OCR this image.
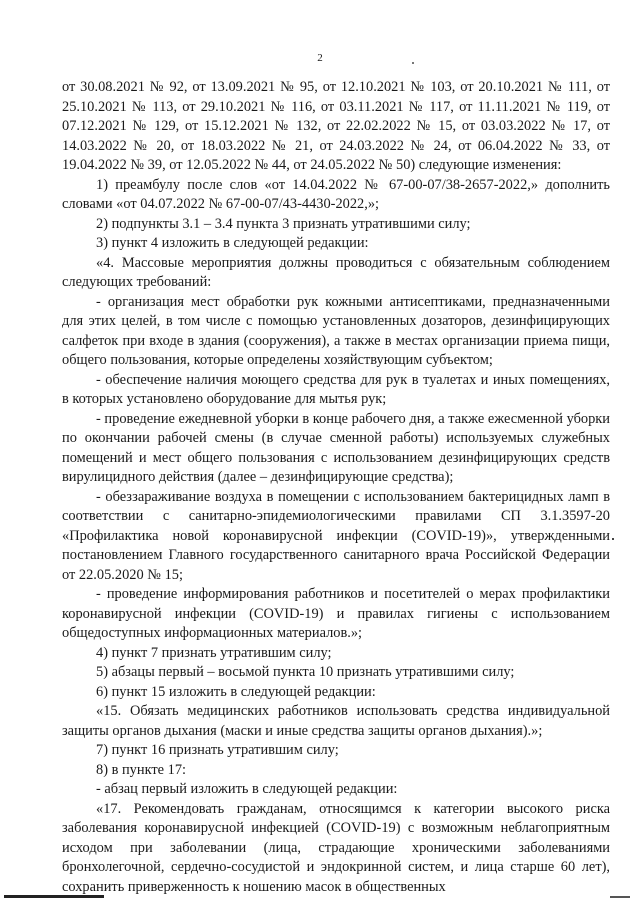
2

от 30.08.2021 № 92, от 13.09.2021 № 95, от 12.10.2021 № 103, от 20.10.2021 № 111, от 25.10.2021 № 113, от 29.10.2021 № 116, от 03.11.2021 № 117, от 11.11.2021 № 119, от 07.12.2021 № 129, от 15.12.2021 № 132, от 22.02.2022 № 15, от 03.03.2022 № 17, от 14.03.2022 № 20, от 18.03.2022 № 21, от 24.03.2022 № 24, от 06.04.2022 № 33, от 19.04.2022 № 39, от 12.05.2022 № 44, от 24.05.2022 № 50) следующие изменения:

1) преамбулу после слов «от 14.04.2022 № 67-00-07/38-2657-2022,» дополнить словами «от 04.07.2022 № 67-00-07/43-4430-2022,»;

2) подпункты 3.1 – 3.4 пункта 3 признать утратившими силу;

3) пункт 4 изложить в следующей редакции:

«4. Массовые мероприятия должны проводиться с обязательным соблюдением следующих требований:

- организация мест обработки рук кожными антисептиками, предназначенными для этих целей, в том числе с помощью установленных дозаторов, дезинфицирующих салфеток при входе в здания (сооружения), а также в местах организации приема пищи, общего пользования, которые определены хозяйствующим субъектом;

- обеспечение наличия моющего средства для рук в туалетах и иных помещениях, в которых установлено оборудование для мытья рук;

- проведение ежедневной уборки в конце рабочего дня, а также ежесменной уборки по окончании рабочей смены (в случае сменной работы) используемых служебных помещений и мест общего пользования с использованием дезинфицирующих средств вирулицидного действия (далее – дезинфицирующие средства);

- обеззараживание воздуха в помещении с использованием бактерицидных ламп в соответствии с санитарно-эпидемиологическими правилами СП 3.1.3597-20 «Профилактика новой коронавирусной инфекции (COVID-19)», утвержденными постановлением Главного государственного санитарного врача Российской Федерации от 22.05.2020 № 15;

- проведение информирования работников и посетителей о мерах профилактики коронавирусной инфекции (COVID-19) и правилах гигиены с использованием общедоступных информационных материалов.»;

4) пункт 7 признать утратившим силу;

5) абзацы первый – восьмой пункта 10 признать утратившими силу;

6) пункт 15 изложить в следующей редакции:

«15. Обязать медицинских работников использовать средства индивидуальной защиты органов дыхания (маски и иные средства защиты органов дыхания).»;

7) пункт 16 признать утратившим силу;

8) в пункте 17:

- абзац первый изложить в следующей редакции:

«17. Рекомендовать гражданам, относящимся к категории высокого риска заболевания коронавирусной инфекцией (COVID-19) с возможным неблагоприятным исходом при заболевании (лица, страдающие хроническими заболеваниями бронхолегочной, сердечно-сосудистой и эндокринной систем, и лица старше 60 лет), сохранить приверженность к ношению масок в общественных
